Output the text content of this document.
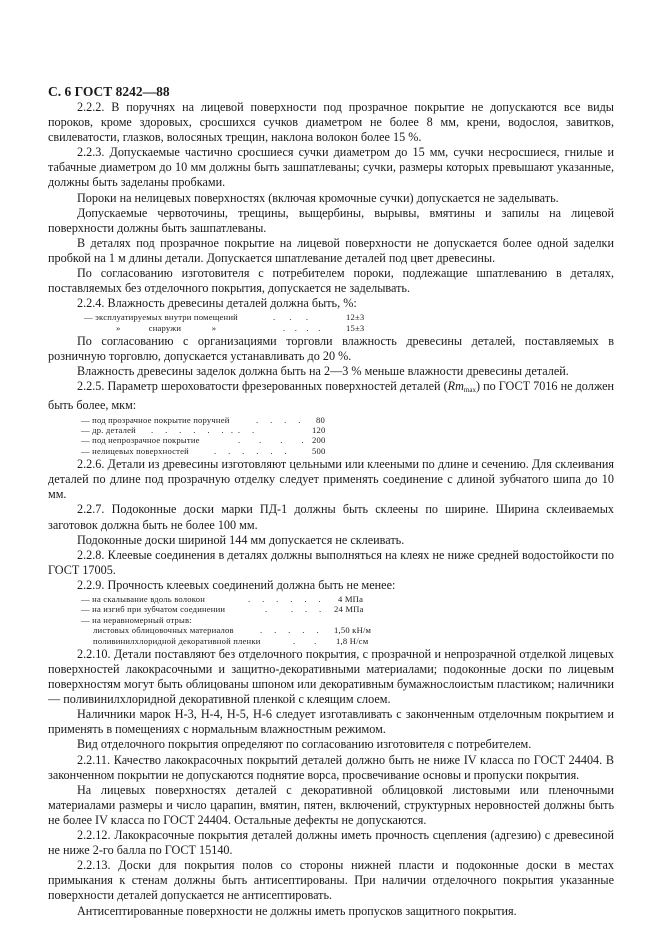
С. 6 ГОСТ 8242—88

2.2.2. В поручнях на лицевой поверхности под прозрачное покрытие не допускаются все виды пороков, кроме здоровых, сросшихся сучков диаметром не более 8 мм, крени, водослоя, завитков, свилеватости, глазков, волосяных трещин, наклона волокон более 15 %.

2.2.3. Допускаемые частично сросшиеся сучки диаметром до 15 мм, сучки несросшиеся, гнилые и табачные диаметром до 10 мм должны быть зашпатлеваны; сучки, размеры которых превышают указанные, должны быть заделаны пробками.

Пороки на нелицевых поверхностях (включая кромочные сучки) допускается не заделывать.

Допускаемые червоточины, трещины, выщербины, вырывы, вмятины и запилы на лицевой поверхности должны быть зашпатлеваны.

В деталях под прозрачное покрытие на лицевой поверхности не допускается более одной заделки пробкой на 1 м длины детали. Допускается шпатлевание деталей под цвет древесины.

По согласованию изготовителя с потребителем пороки, подлежащие шпатлеванию в деталях, поставляемых без отделочного покрытия, допускается не заделывать.

2.2.4. Влажность древесины деталей должна быть, %:

— эксплуатируемых внутри помещений	.      .      .	12±3
»            снаружи             »	.    .    .    .	15±3

По согласованию с организациями торговли влажность древесины деталей, поставляемых в розничную торговлю, допускается устанавливать до 20 %.

Влажность древесины заделок должна быть на 2—3 % меньше влажности древесины деталей.

2.2.5. Параметр шероховатости фрезерованных поверхностей деталей $(Rm_{max})$ по ГОСТ 7016 не должен быть более, мкм:

— под прозрачное покрытие поручней	.     .     .     . 80
— др. деталей .     .     .     .     .     .   .  .     .	120
— под непрозрачное покрытие	.        .        .        . 200
— нелицевых поверхностей	.     .     .     .     .     .	500

2.2.6. Детали из древесины изготовляют цельными или клееными по длине и сечению. Для склеивания деталей по длине под прозрачную отделку следует применять соединение с длиной зубчатого шипа до 10 мм.

2.2.7. Подоконные доски марки ПД-1 должны быть склеены по ширине. Ширина склеиваемых заготовок должна быть не более 100 мм.

Подоконные доски шириной 144 мм допускается не склеивать.

2.2.8. Клеевые соединения в деталях должны выполняться на клеях не ниже средней водостойкости по ГОСТ 17005.

2.2.9. Прочность клеевых соединений должна быть не менее:

— на скалывание вдоль волокон	.     .     .     .     .     . 4 МПа
— на изгиб при зубчатом соединении	.          .     .     . 24 МПа
— на неравномерный отрыв:
листовых облицовочных материалов	.     .     .     .     . 1,50 кН/м
поливинилхлоридной декоративной пленки	.        . 1,8 Н/см

2.2.10. Детали поставляют без отделочного покрытия, с прозрачной и непрозрачной отделкой лицевых поверхностей лакокрасочными и защитно-декоративными материалами; подоконные доски по лицевым поверхностям могут быть облицованы шпоном или декоративным бумажнослоистым пластиком; наличники — поливинилхлоридной декоративной пленкой с клеящим слоем.

Наличники марок Н-3, Н-4, Н-5, Н-6 следует изготавливать с законченным отделочным покрытием и применять в помещениях с нормальным влажностным режимом.

Вид отделочного покрытия определяют по согласованию изготовителя с потребителем.

2.2.11. Качество лакокрасочных покрытий деталей должно быть не ниже IV класса по ГОСТ 24404. В законченном покрытии не допускаются поднятие ворса, просвечивание основы и пропуски покрытия.

На лицевых поверхностях деталей с декоративной облицовкой листовыми или пленочными материалами размеры и число царапин, вмятин, пятен, включений, структурных неровностей должны быть не более IV класса по ГОСТ 24404. Остальные дефекты не допускаются.

2.2.12. Лакокрасочные покрытия деталей должны иметь прочность сцепления (адгезию) с древесиной не ниже 2-го балла по ГОСТ 15140.

2.2.13. Доски для покрытия полов со стороны нижней пласти и подоконные доски в местах примыкания к стенам должны быть антисептированы. При наличии отделочного покрытия указанные поверхности деталей допускается не антисептировать.

Антисептированные поверхности не должны иметь пропусков защитного покрытия.
